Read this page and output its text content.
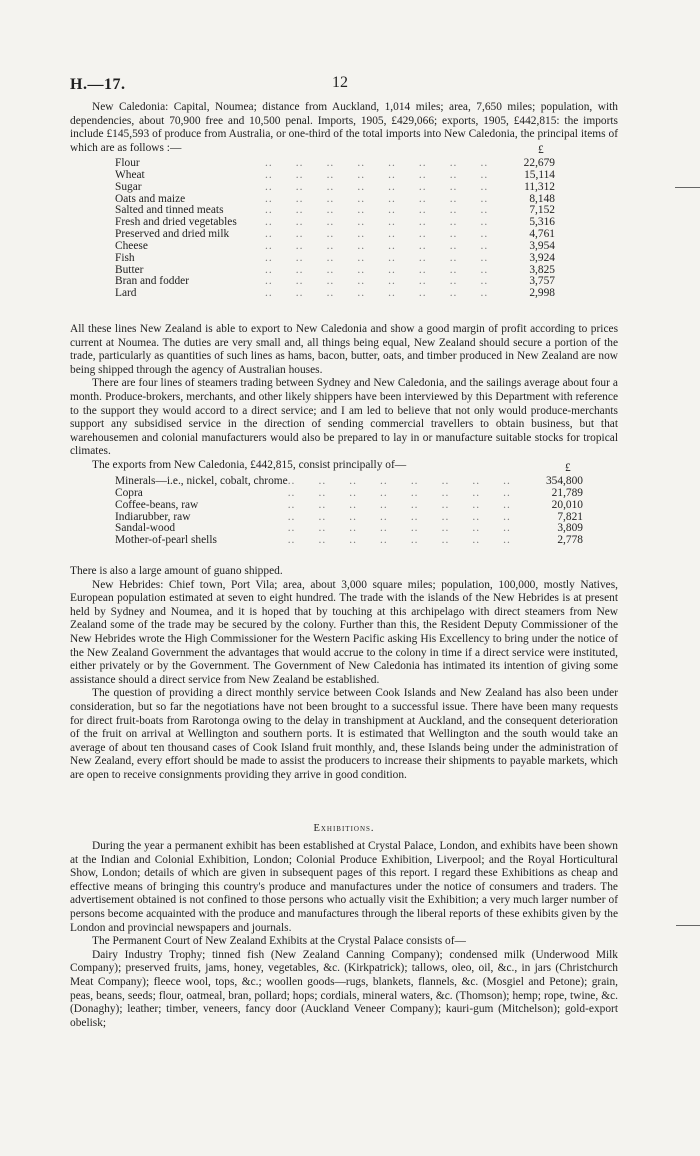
H.—17.	12

New Caledonia: Capital, Noumea; distance from Auckland, 1,014 miles; area, 7,650 miles; population, with dependencies, about 70,900 free and 10,500 penal. Imports, 1905, £429,066; exports, 1905, £442,815: the imports include £145,593 of produce from Australia, or one-third of the total imports into New Caledonia, the principal items of which are as follows :—	£
Flour	..      ..      ..      ..      ..      ..      ..      ..	22,679
Wheat	..      ..      ..      ..      ..      ..      ..      ..	15,114
Sugar	..      ..      ..      ..      ..      ..      ..      ..	11,312
Oats and maize	..      ..      ..      ..      ..      ..      ..      ..	8,148
Salted and tinned meats	..      ..      ..      ..      ..      ..      ..      ..	7,152
Fresh and dried vegetables	..      ..      ..      ..      ..      ..      ..      ..	5,316
Preserved and dried milk	..      ..      ..      ..      ..      ..      ..      ..	4,761
Cheese	..      ..      ..      ..      ..      ..      ..      ..	3,954
Fish	..      ..      ..      ..      ..      ..      ..      ..	3,924
Butter	..      ..      ..      ..      ..      ..      ..      ..	3,825
Bran and fodder	..      ..      ..      ..      ..      ..      ..      ..	3,757
Lard	..      ..      ..      ..      ..      ..      ..      ..	2,998

All these lines New Zealand is able to export to New Caledonia and show a good margin of profit according to prices current at Noumea. The duties are very small and, all things being equal, New Zealand should secure a portion of the trade, particularly as quantities of such lines as hams, bacon, butter, oats, and timber produced in New Zealand are now being shipped through the agency of Australian houses.

There are four lines of steamers trading between Sydney and New Caledonia, and the sailings average about four a month. Produce-brokers, merchants, and other likely shippers have been interviewed by this Department with reference to the support they would accord to a direct service; and I am led to believe that not only would produce-merchants support any subsidised service in the direction of sending commercial travellers to obtain business, but that warehousemen and colonial manufacturers would also be prepared to lay in or manufacture suitable stocks for tropical climates.

The exports from New Caledonia, £442,815, consist principally of—	£
Minerals—i.e., nickel, cobalt, chrome	..      ..      ..      ..      ..      ..      ..      ..	354,800
Copra	..      ..      ..      ..      ..      ..      ..      ..	21,789
Coffee-beans, raw	..      ..      ..      ..      ..      ..      ..      ..	20,010
Indiarubber, raw	..      ..      ..      ..      ..      ..      ..      ..	7,821
Sandal-wood	..      ..      ..      ..      ..      ..      ..      ..	3,809
Mother-of-pearl shells	..      ..      ..      ..      ..      ..      ..      ..	2,778

There is also a large amount of guano shipped.

New Hebrides: Chief town, Port Vila; area, about 3,000 square miles; population, 100,000, mostly Natives, European population estimated at seven to eight hundred. The trade with the islands of the New Hebrides is at present held by Sydney and Noumea, and it is hoped that by touching at this archipelago with direct steamers from New Zealand some of the trade may be secured by the colony. Further than this, the Resident Deputy Commissioner of the New Hebrides wrote the High Commissioner for the Western Pacific asking His Excellency to bring under the notice of the New Zealand Government the advantages that would accrue to the colony in time if a direct service were instituted, either privately or by the Government. The Government of New Caledonia has intimated its intention of giving some assistance should a direct service from New Zealand be established.

The question of providing a direct monthly service between Cook Islands and New Zealand has also been under consideration, but so far the negotiations have not been brought to a successful issue. There have been many requests for direct fruit-boats from Rarotonga owing to the delay in transhipment at Auckland, and the consequent deterioration of the fruit on arrival at Wellington and southern ports. It is estimated that Wellington and the south would take an average of about ten thousand cases of Cook Island fruit monthly, and, these Islands being under the administration of New Zealand, every effort should be made to assist the producers to increase their shipments to payable markets, which are open to receive consignments providing they arrive in good condition.

Exhibitions.

During the year a permanent exhibit has been established at Crystal Palace, London, and exhibits have been shown at the Indian and Colonial Exhibition, London; Colonial Produce Exhibition, Liverpool; and the Royal Horticultural Show, London; details of which are given in subsequent pages of this report. I regard these Exhibitions as cheap and effective means of bringing this country's produce and manufactures under the notice of consumers and traders. The advertisement obtained is not confined to those persons who actually visit the Exhibition; a very much larger number of persons become acquainted with the produce and manufactures through the liberal reports of these exhibits given by the London and provincial newspapers and journals.

The Permanent Court of New Zealand Exhibits at the Crystal Palace consists of—

Dairy Industry Trophy; tinned fish (New Zealand Canning Company); condensed milk (Underwood Milk Company); preserved fruits, jams, honey, vegetables, &c. (Kirkpatrick); tallows, oleo, oil, &c., in jars (Christchurch Meat Company); fleece wool, tops, &c.; woollen goods—rugs, blankets, flannels, &c. (Mosgiel and Petone); grain, peas, beans, seeds; flour, oatmeal, bran, pollard; hops; cordials, mineral waters, &c. (Thomson); hemp; rope, twine, &c. (Donaghy); leather; timber, veneers, fancy door (Auckland Veneer Company); kauri-gum (Mitchelson); gold-export obelisk;
